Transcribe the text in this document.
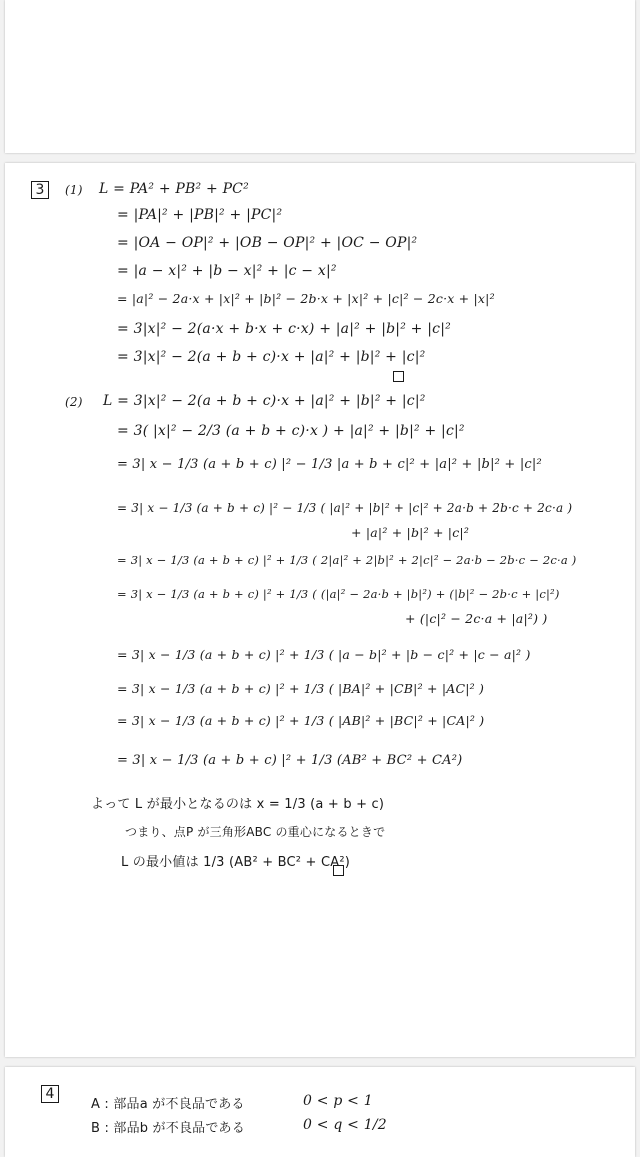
3	(1) L = PA² + PB² + PC²
= |PA|² + |PB|² + |PC|²
= |OA − OP|² + |OB − OP|² + |OC − OP|²
= |a − x|² + |b − x|² + |c − x|²
= |a|² − 2a·x + |x|² + |b|² − 2b·x + |x|² + |c|² − 2c·x + |x|²
= 3|x|² − 2(a·x + b·x + c·x) + |a|² + |b|² + |c|²
= 3|x|² − 2(a + b + c)·x + |a|² + |b|² + |c|²
(2) L = 3|x|² − 2(a + b + c)·x + |a|² + |b|² + |c|²
= 3( |x|² − 2/3 (a + b + c)·x ) + |a|² + |b|² + |c|²
= 3| x − 1/3 (a + b + c) |² − 1/3 |a + b + c|² + |a|² + |b|² + |c|²
= 3| x − 1/3 (a + b + c) |² − 1/3 ( |a|² + |b|² + |c|² + 2a·b + 2b·c + 2c·a )
+ |a|² + |b|² + |c|²
= 3| x − 1/3 (a + b + c) |² + 1/3 ( 2|a|² + 2|b|² + 2|c|² − 2a·b − 2b·c − 2c·a )
= 3| x − 1/3 (a + b + c) |² + 1/3 ( (|a|² − 2a·b + |b|²) + (|b|² − 2b·c + |c|²)
+ (|c|² − 2c·a + |a|²) )
= 3| x − 1/3 (a + b + c) |² + 1/3 ( |a − b|² + |b − c|² + |c − a|² )
= 3| x − 1/3 (a + b + c) |² + 1/3 ( |BA|² + |CB|² + |AC|² )
= 3| x − 1/3 (a + b + c) |² + 1/3 ( |AB|² + |BC|² + |CA|² )
= 3| x − 1/3 (a + b + c) |² + 1/3 (AB² + BC² + CA²)
よって L が最小となるのは x = 1/3 (a + b + c)
つまり、点P が三角形ABC の重心になるときで
L の最小値は 1/3 (AB² + BC² + CA²)
4
A : 部品a が不良品である	0 < p < 1
B : 部品b が不良品である	0 < q < 1/2
